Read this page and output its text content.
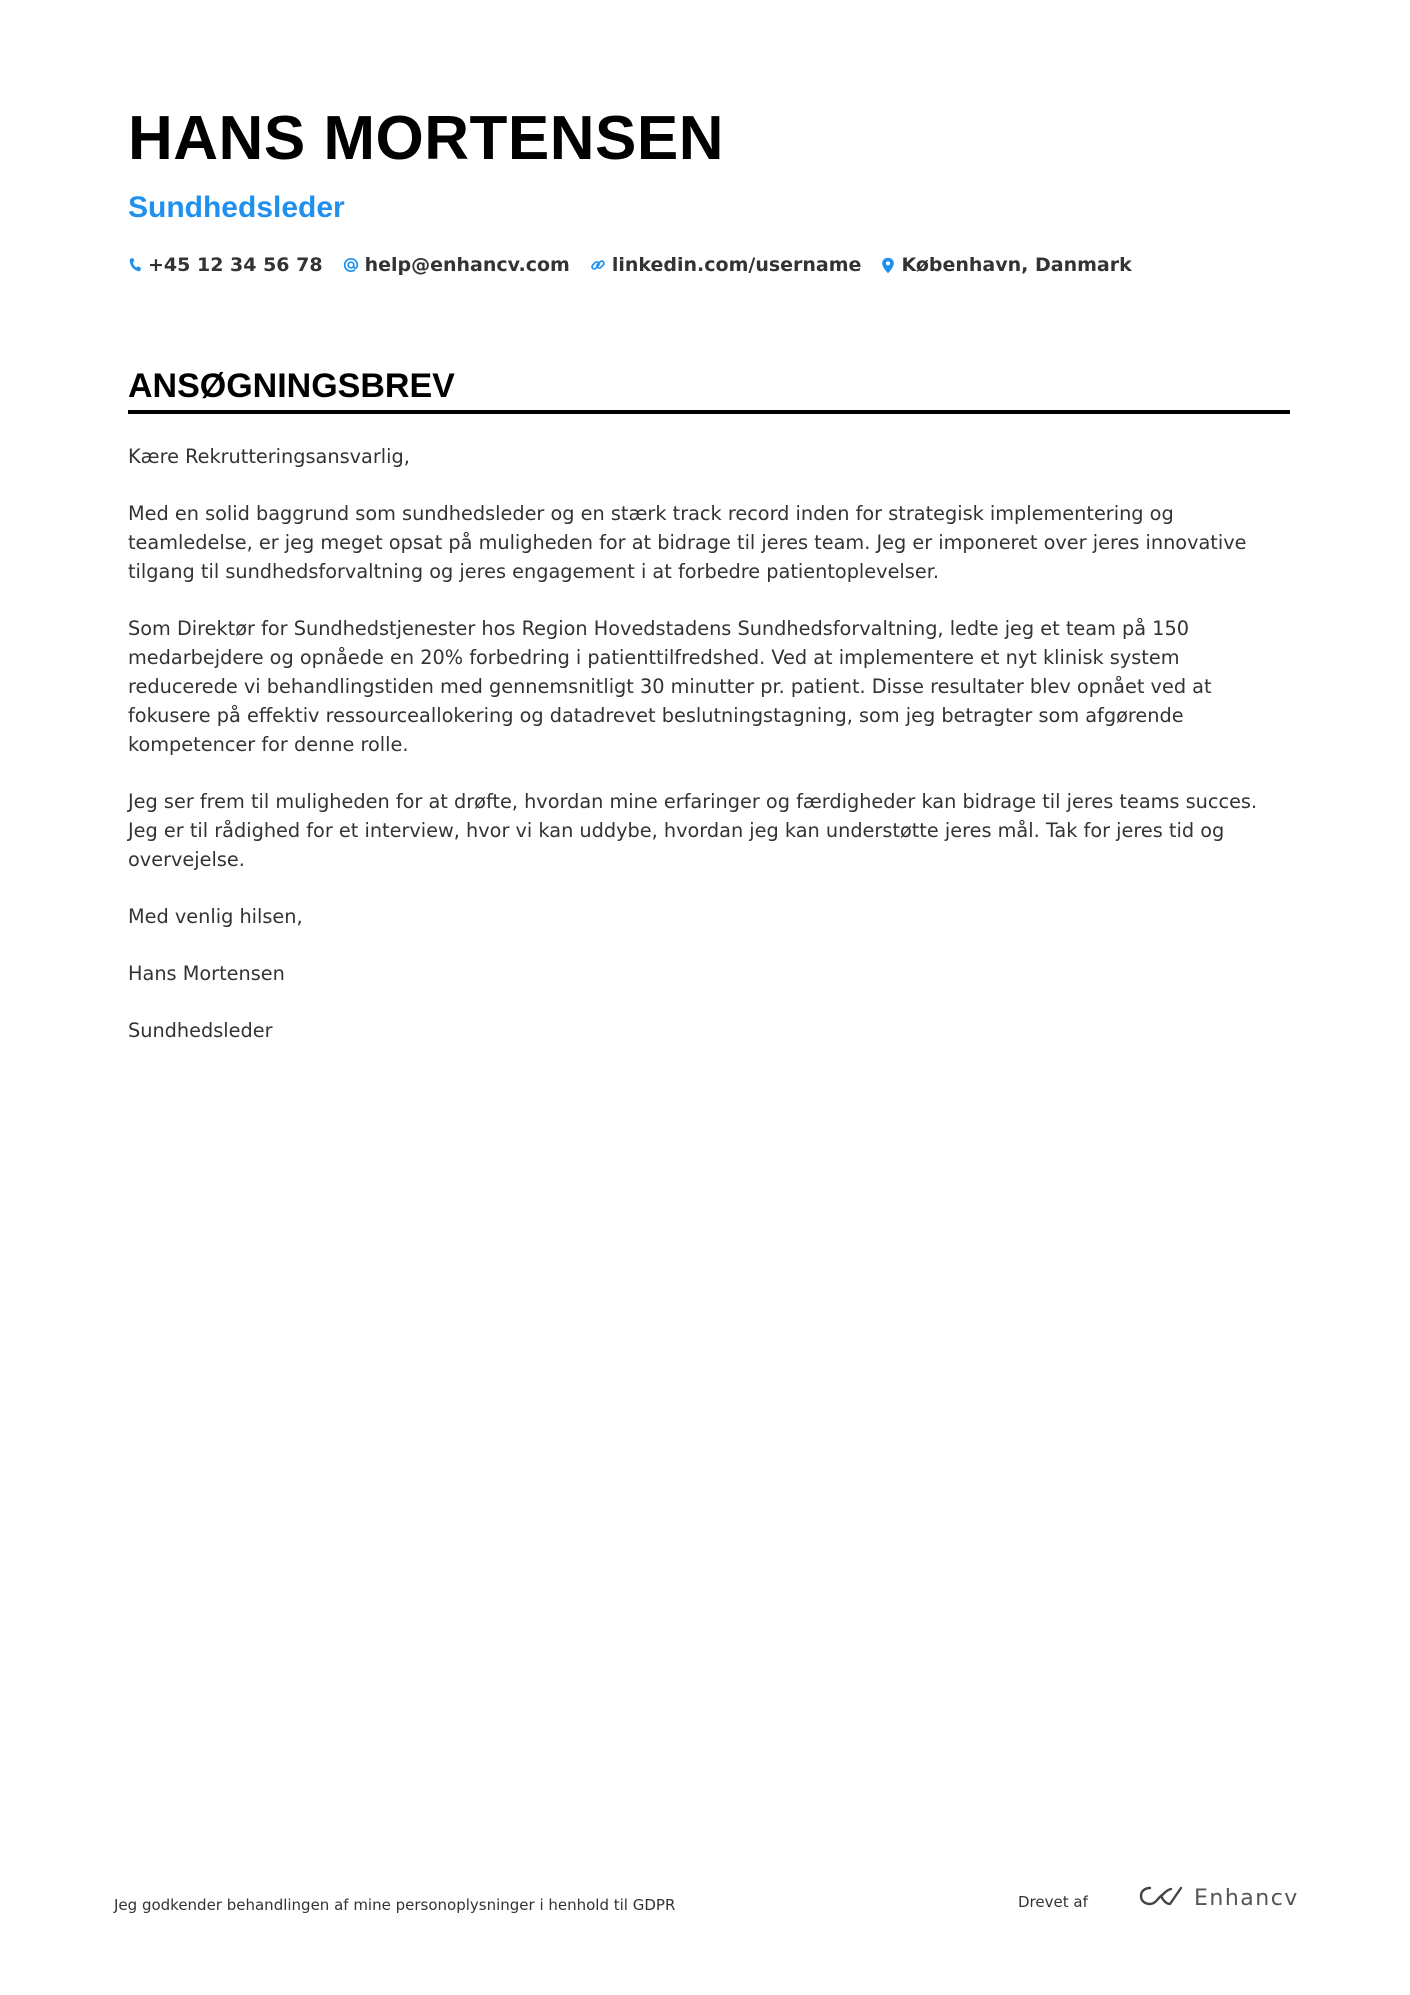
HANS MORTENSEN
Sundhedsleder
+45 12 34 56 78 help@enhancv.com linkedin.com/username København, Danmark
ANSØGNINGSBREV

Kære Rekrutteringsansvarlig,

Med en solid baggrund som sundhedsleder og en stærk track record inden for strategisk implementering og
teamledelse, er jeg meget opsat på muligheden for at bidrage til jeres team. Jeg er imponeret over jeres innovative
tilgang til sundhedsforvaltning og jeres engagement i at forbedre patientoplevelser.

Som Direktør for Sundhedstjenester hos Region Hovedstadens Sundhedsforvaltning, ledte jeg et team på 150
medarbejdere og opnåede en 20% forbedring i patienttilfredshed. Ved at implementere et nyt klinisk system
reducerede vi behandlingstiden med gennemsnitligt 30 minutter pr. patient. Disse resultater blev opnået ved at
fokusere på effektiv ressourceallokering og datadrevet beslutningstagning, som jeg betragter som afgørende
kompetencer for denne rolle.

Jeg ser frem til muligheden for at drøfte, hvordan mine erfaringer og færdigheder kan bidrage til jeres teams succes.
Jeg er til rådighed for et interview, hvor vi kan uddybe, hvordan jeg kan understøtte jeres mål. Tak for jeres tid og
overvejelse.

Med venlig hilsen,

Hans Mortensen

Sundhedsleder

Jeg godkender behandlingen af mine personoplysninger i henhold til GDPR	Drevet af	Enhancv
